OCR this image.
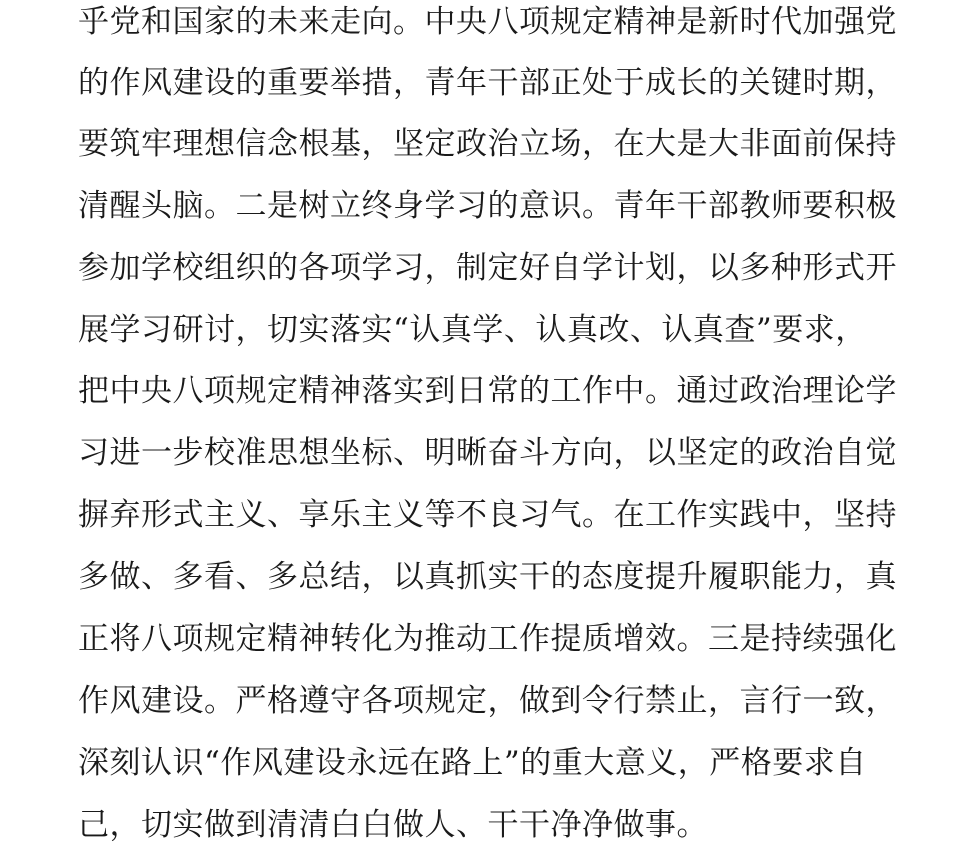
乎党和国家的未来走向。中央八项规定精神是新时代加强党
的作风建设的重要举措，青年干部正处于成长的关键时期，
要筑牢理想信念根基，坚定政治立场，在大是大非面前保持
清醒头脑。二是树立终身学习的意识。青年干部教师要积极
参加学校组织的各项学习，制定好自学计划，以多种形式开
展学习研讨，切实落实“认真学、认真改、认真查”要求，
把中央八项规定精神落实到日常的工作中。通过政治理论学
习进一步校准思想坐标、明晰奋斗方向，以坚定的政治自觉
摒弃形式主义、享乐主义等不良习气。在工作实践中，坚持
多做、多看、多总结，以真抓实干的态度提升履职能力，真
正将八项规定精神转化为推动工作提质增效。三是持续强化
作风建设。严格遵守各项规定，做到令行禁止，言行一致，
深刻认识“作风建设永远在路上”的重大意义，严格要求自
己，切实做到清清白白做人、干干净净做事。
